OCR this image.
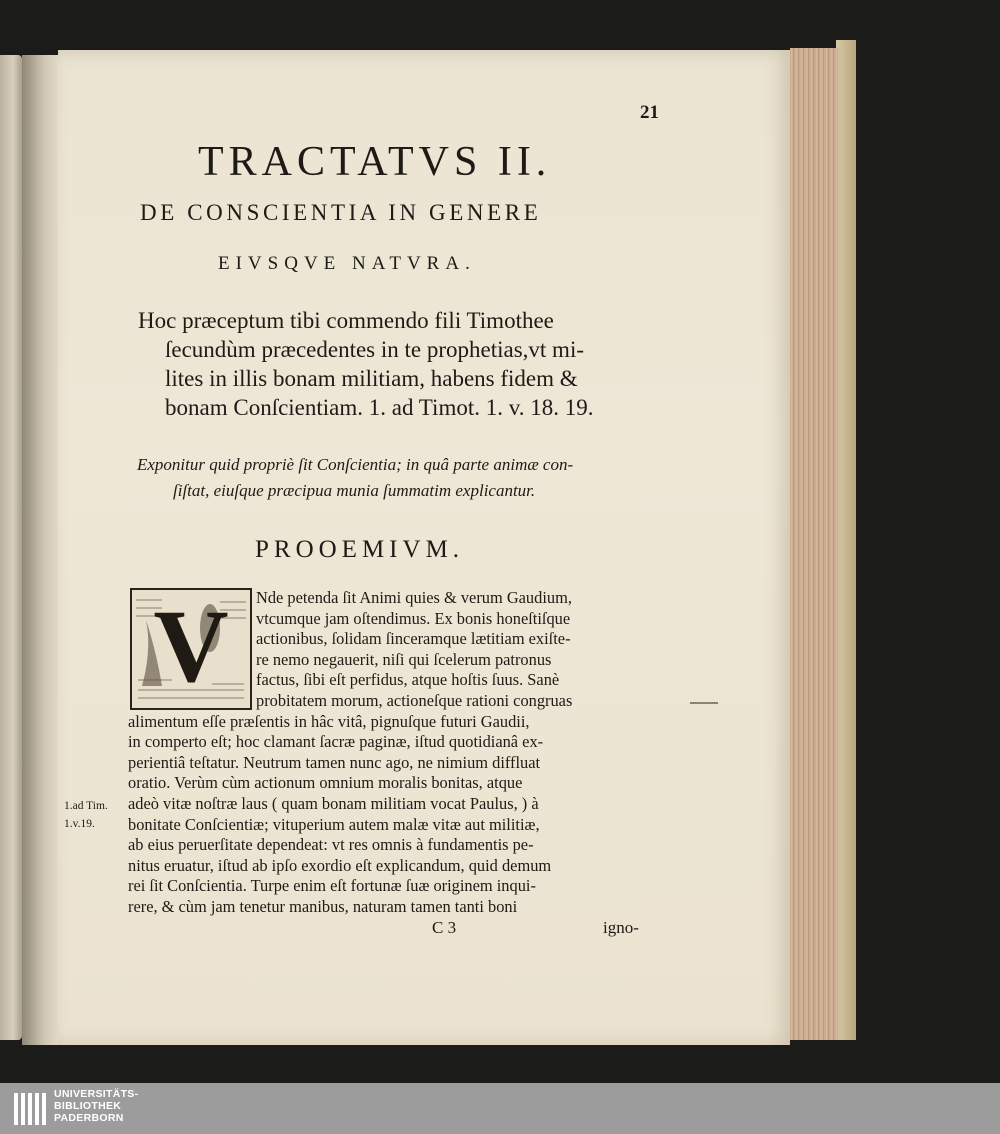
21
TRACTATVS II.
DE CONSCIENTIA IN GENERE
EIVSQVE NATVRA.
Hoc præceptum tibi commendo fili Timothee
ſecundùm præcedentes in te prophetias,vt mi-
lites in illis bonam militiam, habens fidem &
bonam Conſcientiam. 1. ad Timot. 1. v. 18. 19.
Exponitur quid propriè ſit Conſcientia; in quâ parte animæ con-
ſiſtat, eiuſque præcipua munia ſummatim explicantur.
PROOEMIVM.
V	Nde petenda ſit Animi quies & verum Gaudium,
vtcumque jam oſtendimus. Ex bonis honeſtiſque
actionibus, ſolidam ſinceramque lætitiam exiſte-
re nemo negauerit, niſi qui ſcelerum patronus
factus, ſibi eſt perfidus, atque hoſtis ſuus. Sanè
probitatem morum, actioneſque rationi congruas
alimentum eſſe præſentis in hâc vitâ, pignuſque futuri Gaudii,
in comperto eſt; hoc clamant ſacræ paginæ, iſtud quotidianâ ex-
perientiâ teſtatur. Neutrum tamen nunc ago, ne nimium diffluat
oratio. Verùm cùm actionum omnium moralis bonitas, atque
adeò vitæ noſtræ laus ( quam bonam militiam vocat Paulus, ) à
bonitate Conſcientiæ; vituperium autem malæ vitæ aut militiæ,
ab eius peruerſitate dependeat: vt res omnis à fundamentis pe-
nitus eruatur, iſtud ab ipſo exordio eſt explicandum, quid demum
rei ſit Conſcientia. Turpe enim eſt fortunæ ſuæ originem inqui-
rere, & cùm jam tenetur manibus, naturam tamen tanti boni
1.ad Tim.
1.v.19.
C 3	igno-
UNIVERSITÄTS-
BIBLIOTHEK
PADERBORN
